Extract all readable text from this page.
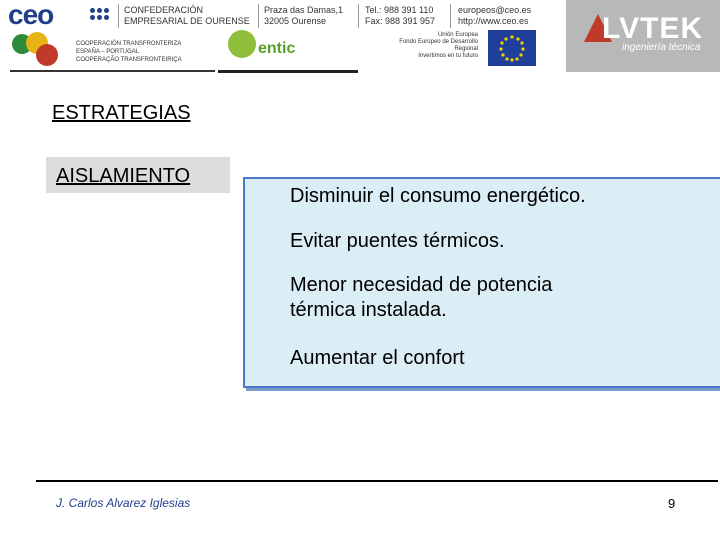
ceo	CONFEDERACIÓN
EMPRESARIAL DE OURENSE
Praza das Damas,1
32005 Ourense
Tel.: 988 391 110
Fax: 988 391 957
europeos@ceo.es
http://www.ceo.es
COOPERACIÓN TRANSFRONTERIZA
ESPAÑA – PORTUGAL
COOPERAÇÃO TRANSFRONTEIRIÇA
entic
Unión Europea
Fondo Europeo de Desarrollo
Regional
Invertimos en tu futuro
LVTEK
ingeniería técnica
ESTRATEGIAS
AISLAMIENTO
Disminuir el consumo energético.
Evitar puentes térmicos.
Menor necesidad de potencia
térmica instalada.
Aumentar el confort
J. Carlos Alvarez Iglesias	9
